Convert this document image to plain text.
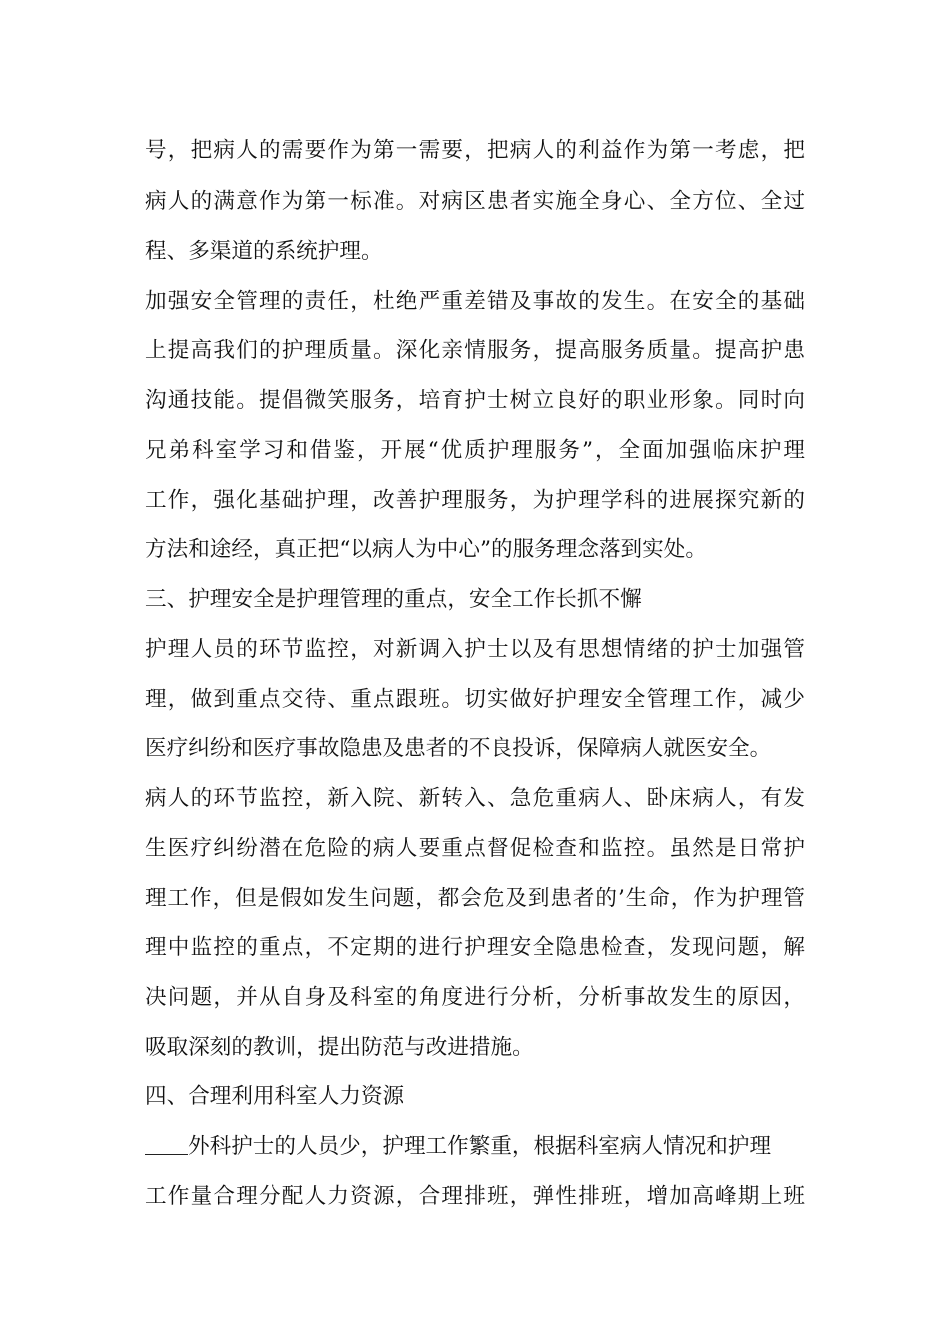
号，把病人的需要作为第一需要，把病人的利益作为第一考虑，把
病人的满意作为第一标准。对病区患者实施全身心、全方位、全过
程、多渠道的系统护理。
加强安全管理的责任，杜绝严重差错及事故的发生。在安全的基础
上提高我们的护理质量。深化亲情服务，提高服务质量。提高护患
沟通技能。提倡微笑服务，培育护士树立良好的职业形象。同时向
兄弟科室学习和借鉴，开展“优质护理服务”，全面加强临床护理
工作，强化基础护理，改善护理服务，为护理学科的进展探究新的
方法和途经，真正把“以病人为中心”的服务理念落到实处。
三、护理安全是护理管理的重点，安全工作长抓不懈
护理人员的环节监控，对新调入护士以及有思想情绪的护士加强管
理，做到重点交待、重点跟班。切实做好护理安全管理工作，减少
医疗纠纷和医疗事故隐患及患者的不良投诉，保障病人就医安全。
病人的环节监控，新入院、新转入、急危重病人、卧床病人，有发
生医疗纠纷潜在危险的病人要重点督促检查和监控。虽然是日常护
理工作，但是假如发生问题，都会危及到患者的’生命，作为护理管
理中监控的重点，不定期的进行护理安全隐患检查，发现问题，解
决问题，并从自身及科室的角度进行分析，分析事故发生的原因，
吸取深刻的教训，提出防范与改进措施。
四、合理利用科室人力资源
外科护士的人员少，护理工作繁重，根据科室病人情况和护理
工作量合理分配人力资源，合理排班，弹性排班，增加高峰期上班
